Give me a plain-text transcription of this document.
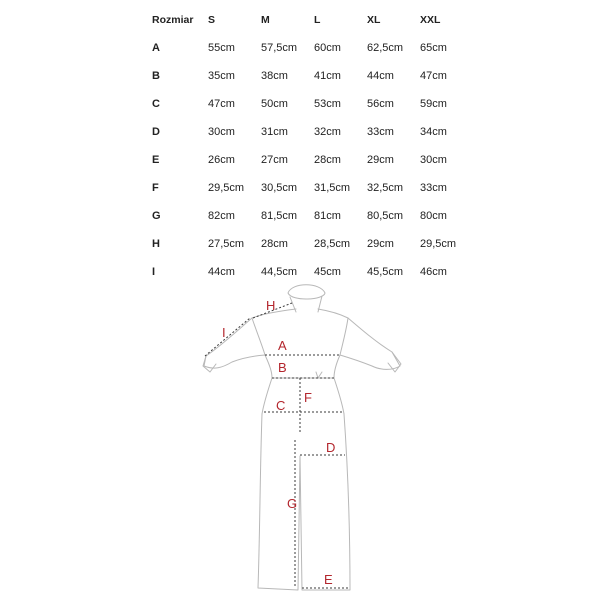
Rozmiar	S	M	L	XL	XXL
A	55cm	57,5cm	60cm	62,5cm	65cm
B	35cm	38cm	41cm	44cm	47cm
C	47cm	50cm	53cm	56cm	59cm
D	30cm	31cm	32cm	33cm	34cm
E	26cm	27cm	28cm	29cm	30cm
F	29,5cm	30,5cm	31,5cm	32,5cm	33cm
G	82cm	81,5cm	81cm	80,5cm	80cm
H	27,5cm	28cm	28,5cm	29cm	29,5cm
I	44cm	44,5cm	45cm	45,5cm	46cm
A
B
C
D
E
F
G
H
I
